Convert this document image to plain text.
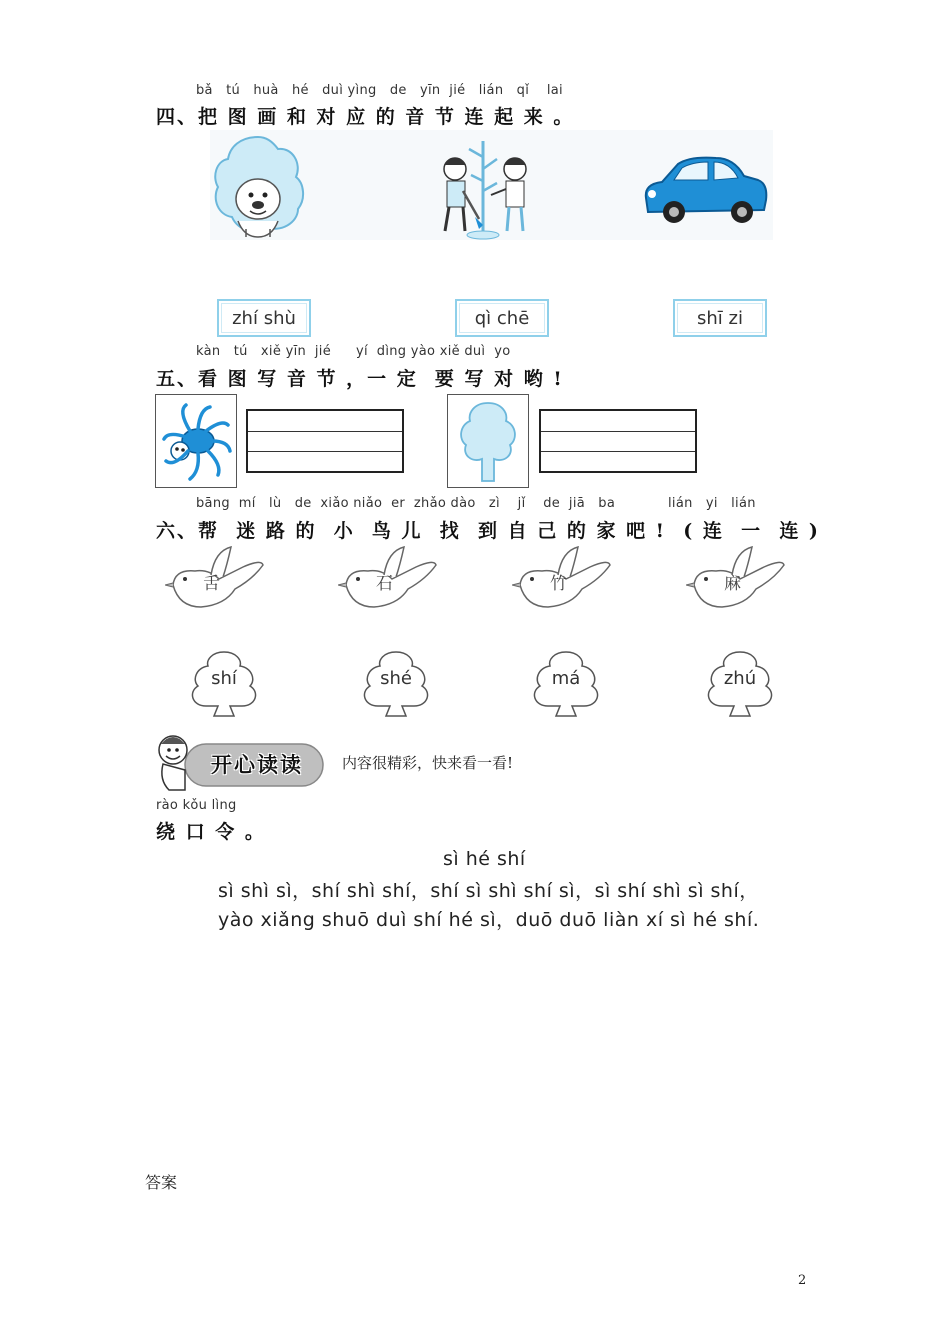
bǎ   tú   huà   hé   duì yìng   de   yīn  jié   lián   qǐ    lai
四、把 图 画 和 对 应 的 音 节 连 起 来 。
zhí shù	qì chē	shī zi
kàn   tú   xiě yīn  jié yí  dìng yào xiě duì  yo
五、看 图 写 音 节 ，一 定  要 写 对 哟 !
bāng  mí   lù   de  xiǎo niǎo  er  zhǎo dào   zì    jǐ    de  jiā   ba	lián   yi   lián
六、帮  迷 路 的  小  鸟 儿  找  到 自 己 的 家 吧 !  ( 连  一  连 )
舌	石	竹	麻
shí	shé	má	zhú
开心读读	内容很精彩，快来看一看!
rào kǒu lìng
绕 口 令 。
sì hé shí
sì shì sì，shí shì shí，shí sì shì shí sì，sì shí shì sì shí，
yào xiǎng shuō duì shí hé sì，duō duō liàn xí sì hé shí.
答案
2
